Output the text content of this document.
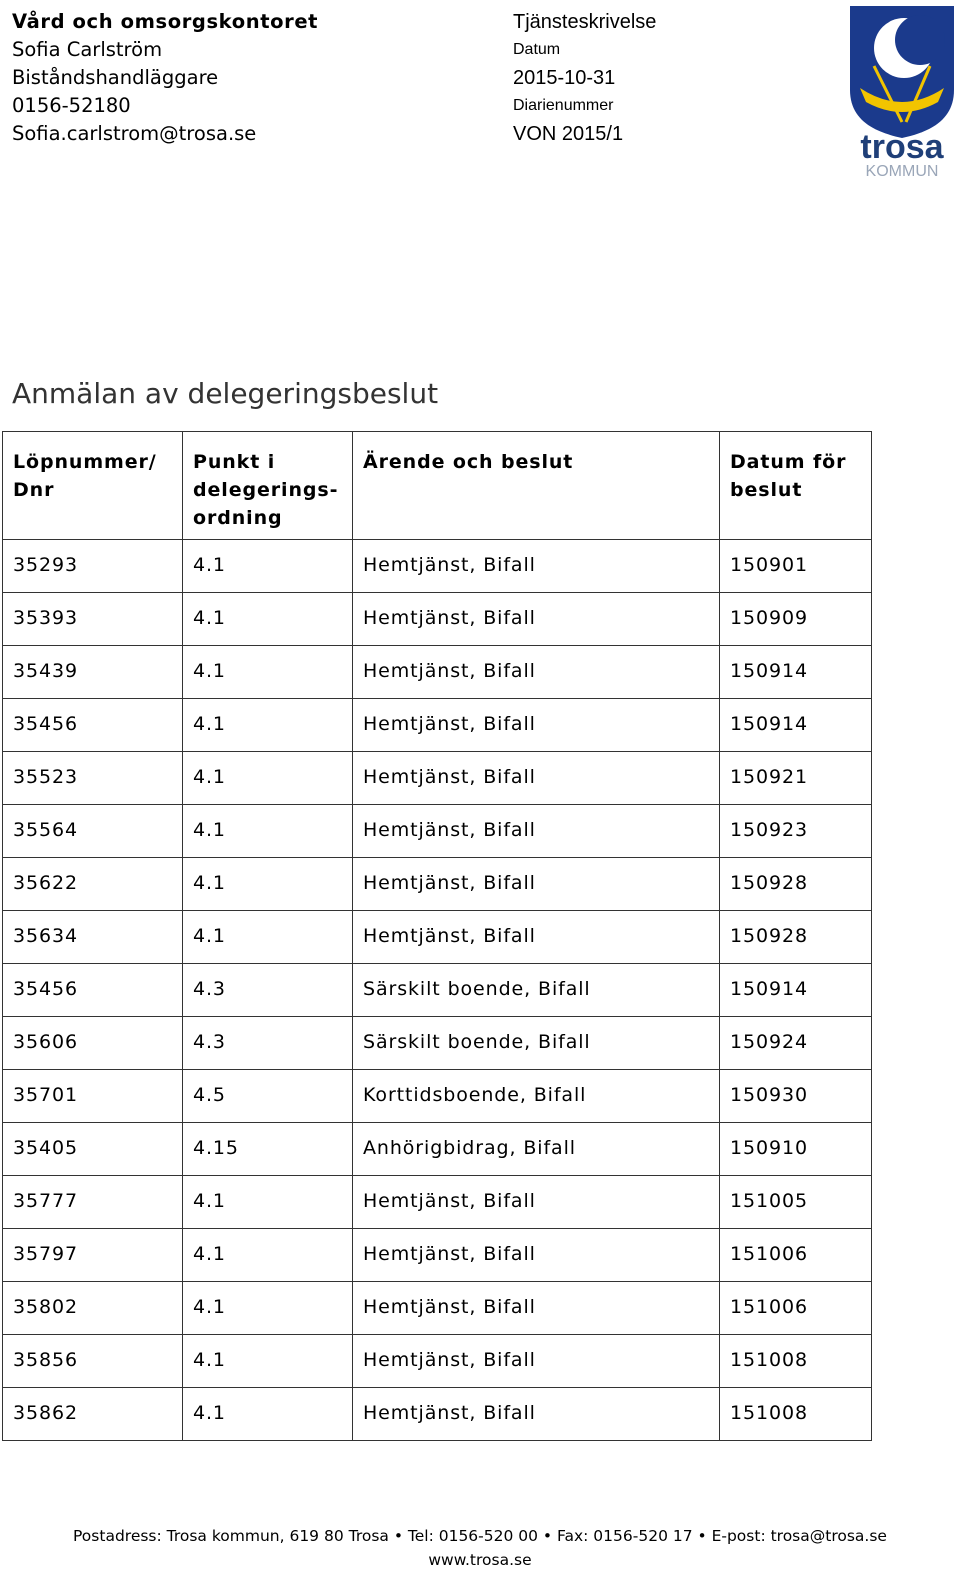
Vård och omsorgskontoret
Sofia Carlström
Biståndshandläggare
0156-52180
Sofia.carlstrom@trosa.se
Tjänsteskrivelse
Datum
2015-10-31
Diarienummer
VON 2015/1	trosa
KOMMUN
Anmälan av delegeringsbeslut
Löpnummer/
Dnr	Punkt i
delegerings-
ordning	Ärende och beslut	Datum för
beslut

35293	4.1	Hemtjänst, Bifall	150901
35393	4.1	Hemtjänst, Bifall	150909
35439	4.1	Hemtjänst, Bifall	150914
35456	4.1	Hemtjänst, Bifall	150914
35523	4.1	Hemtjänst, Bifall	150921
35564	4.1	Hemtjänst, Bifall	150923
35622	4.1	Hemtjänst, Bifall	150928
35634	4.1	Hemtjänst, Bifall	150928
35456	4.3	Särskilt boende, Bifall	150914
35606	4.3	Särskilt boende, Bifall	150924
35701	4.5	Korttidsboende, Bifall	150930
35405	4.15	Anhörigbidrag, Bifall	150910
35777	4.1	Hemtjänst, Bifall	151005
35797	4.1	Hemtjänst, Bifall	151006
35802	4.1	Hemtjänst, Bifall	151006
35856	4.1	Hemtjänst, Bifall	151008
35862	4.1	Hemtjänst, Bifall	151008
Postadress: Trosa kommun, 619 80 Trosa • Tel: 0156-520 00 • Fax: 0156-520 17 • E-post: trosa@trosa.se
www.trosa.se
